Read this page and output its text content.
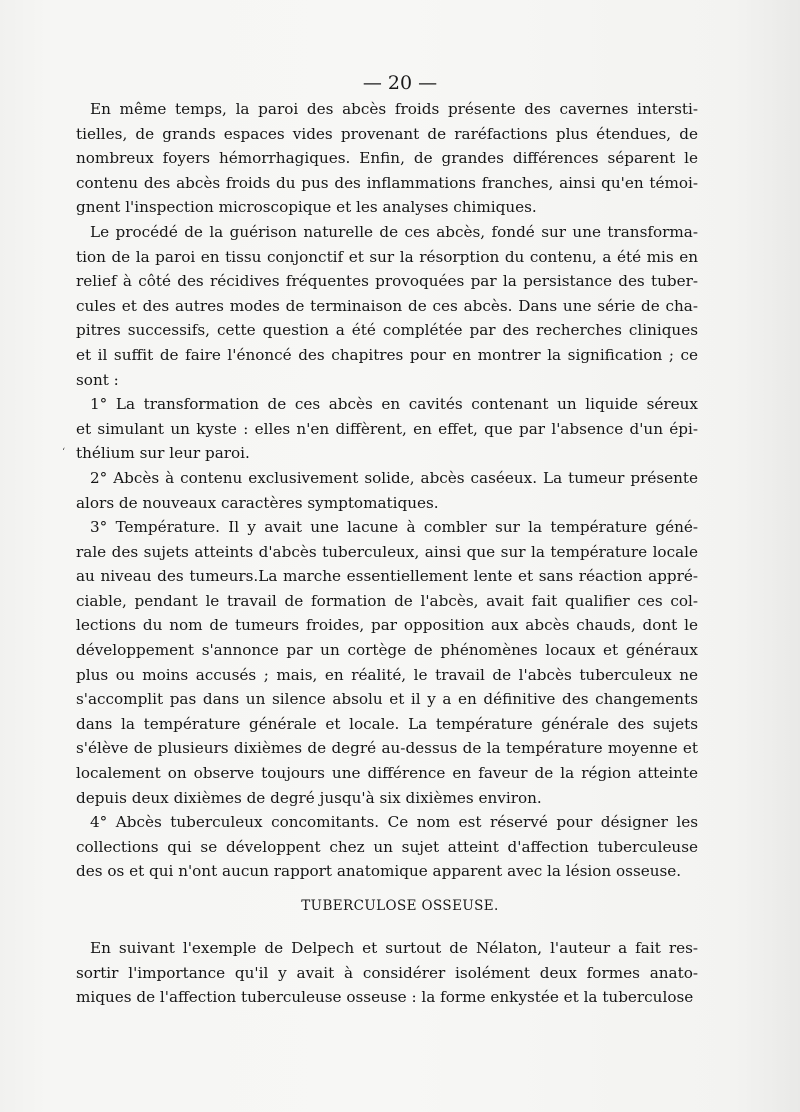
— 20 —
‘
En même temps, la paroi des abcès froids présente des cavernes intersti-
tielles, de grands espaces vides provenant de raréfactions plus étendues, de
nombreux foyers hémorrhagiques. Enfin, de grandes différences séparent le
contenu des abcès froids du pus des inflammations franches, ainsi qu'en témoi-
gnent l'inspection microscopique et les analyses chimiques.
Le procédé de la guérison naturelle de ces abcès, fondé sur une transforma-
tion de la paroi en tissu conjonctif et sur la résorption du contenu, a été mis en
relief à côté des récidives fréquentes provoquées par la persistance des tuber-
cules et des autres modes de terminaison de ces abcès. Dans une série de cha-
pitres successifs, cette question a été complétée par des recherches cliniques
et il suffit de faire l'énoncé des chapitres pour en montrer la signification ; ce
sont :
1° La transformation de ces abcès en cavités contenant un liquide séreux
et simulant un kyste : elles n'en diffèrent, en effet, que par l'absence d'un épi-
thélium sur leur paroi.
2° Abcès à contenu exclusivement solide, abcès caséeux. La tumeur présente
alors de nouveaux caractères symptomatiques.
3° Température. Il y avait une lacune à combler sur la température géné-
rale des sujets atteints d'abcès tuberculeux, ainsi que sur la température locale
au niveau des tumeurs.La marche essentiellement lente et sans réaction appré-
ciable, pendant le travail de formation de l'abcès, avait fait qualifier ces col-
lections du nom de tumeurs froides, par opposition aux abcès chauds, dont le
développement s'annonce par un cortège de phénomènes locaux et généraux
plus ou moins accusés ; mais, en réalité, le travail de l'abcès tuberculeux ne
s'accomplit pas dans un silence absolu et il y a en définitive des changements
dans la température générale et locale. La température générale des sujets
s'élève de plusieurs dixièmes de degré au-dessus de la température moyenne et
localement on observe toujours une différence en faveur de la région atteinte
depuis deux dixièmes de degré jusqu'à six dixièmes environ.
4° Abcès tuberculeux concomitants. Ce nom est réservé pour désigner les
collections qui se développent chez un sujet atteint d'affection tuberculeuse
des os et qui n'ont aucun rapport anatomique apparent avec la lésion osseuse.
TUBERCULOSE OSSEUSE.
En suivant l'exemple de Delpech et surtout de Nélaton, l'auteur a fait res-
sortir l'importance qu'il y avait à considérer isolément deux formes anato-
miques de l'affection tuberculeuse osseuse : la forme enkystée et la tuberculose
